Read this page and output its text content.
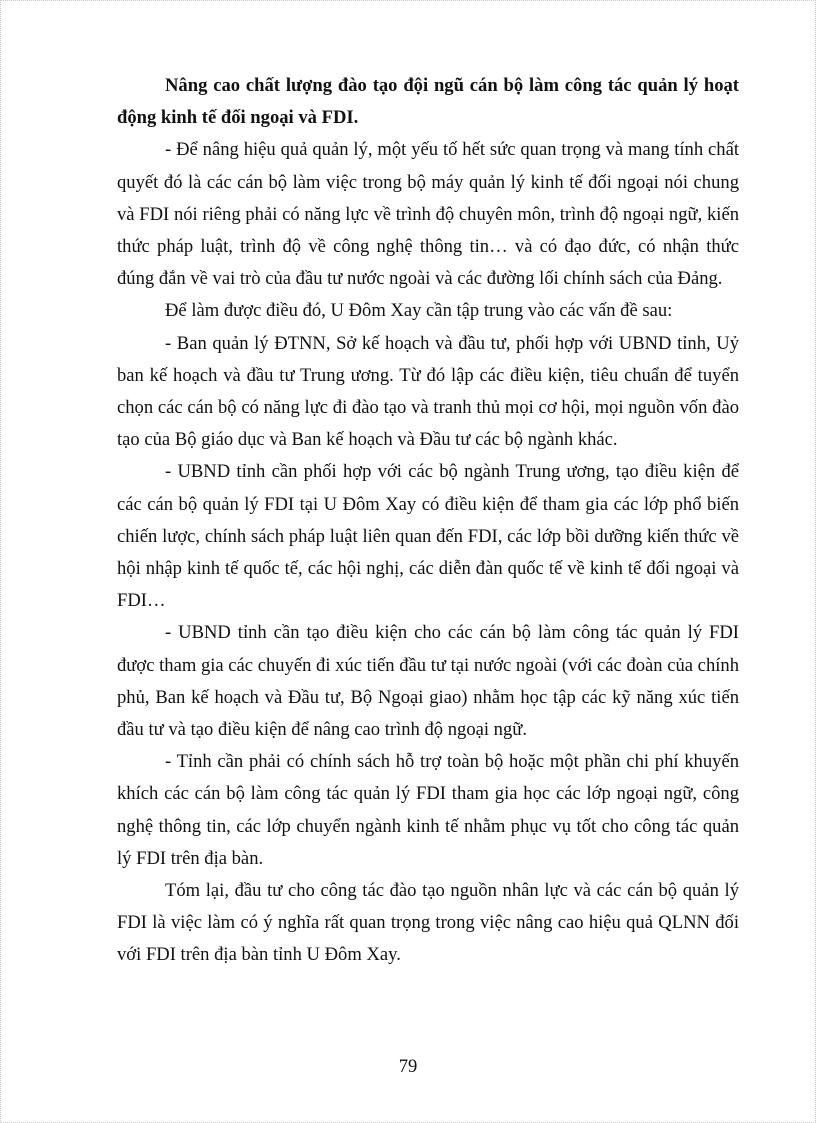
Nâng cao chất lượng đào tạo đội ngũ cán bộ làm công tác quản lý hoạt động kinh tế đối ngoại và FDI.

- Để nâng hiệu quả quản lý, một yếu tố hết sức quan trọng và mang tính chất quyết đó là các cán bộ làm việc trong bộ máy quản lý kinh tế đối ngoại nói chung và FDI nói riêng phải có năng lực về trình độ chuyên môn, trình độ ngoại ngữ, kiến thức pháp luật, trình độ về công nghệ thông tin… và có đạo đức, có nhận thức đúng đắn về vai trò của đầu tư nước ngoài và các đường lối chính sách của Đảng.

Để làm được điều đó, U Đôm Xay cần tập trung vào các vấn đề sau:

- Ban quản lý ĐTNN, Sở kế hoạch và đầu tư, phối hợp với UBND tỉnh, Uỷ ban kế hoạch và đầu tư Trung ương. Từ đó lập các điều kiện, tiêu chuẩn để tuyển chọn các cán bộ có năng lực đi đào tạo và tranh thủ mọi cơ hội, mọi nguồn vốn đào tạo của Bộ giáo dục và Ban kế hoạch và Đầu tư các bộ ngành khác.

- UBND tỉnh cần phối hợp với các bộ ngành Trung ương, tạo điều kiện để các cán bộ quản lý FDI tại U Đôm Xay có điều kiện để tham gia các lớp phổ biến chiến lược, chính sách pháp luật liên quan đến FDI, các lớp bồi dưỡng kiến thức về hội nhập kinh tế quốc tế, các hội nghị, các diễn đàn quốc tế về kinh tế đối ngoại và FDI…

- UBND tỉnh cần tạo điều kiện cho các cán bộ làm công tác quản lý FDI được tham gia các chuyến đi xúc tiến đầu tư tại nước ngoài (với các đoàn của chính phủ, Ban kế hoạch và Đầu tư, Bộ Ngoại giao) nhằm học tập các kỹ năng xúc tiến đầu tư và tạo điều kiện để nâng cao trình độ ngoại ngữ.

- Tỉnh cần phải có chính sách hỗ trợ toàn bộ hoặc một phần chi phí khuyến khích các cán bộ làm công tác quản lý FDI tham gia học các lớp ngoại ngữ, công nghệ thông tin, các lớp chuyển ngành kinh tế nhằm phục vụ tốt cho công tác quản lý FDI trên địa bàn.

Tóm lại, đầu tư cho công tác đào tạo nguồn nhân lực và các cán bộ quản lý FDI là việc làm có ý nghĩa rất quan trọng trong việc nâng cao hiệu quả QLNN đối với FDI trên địa bàn tỉnh U Đôm Xay.

79
